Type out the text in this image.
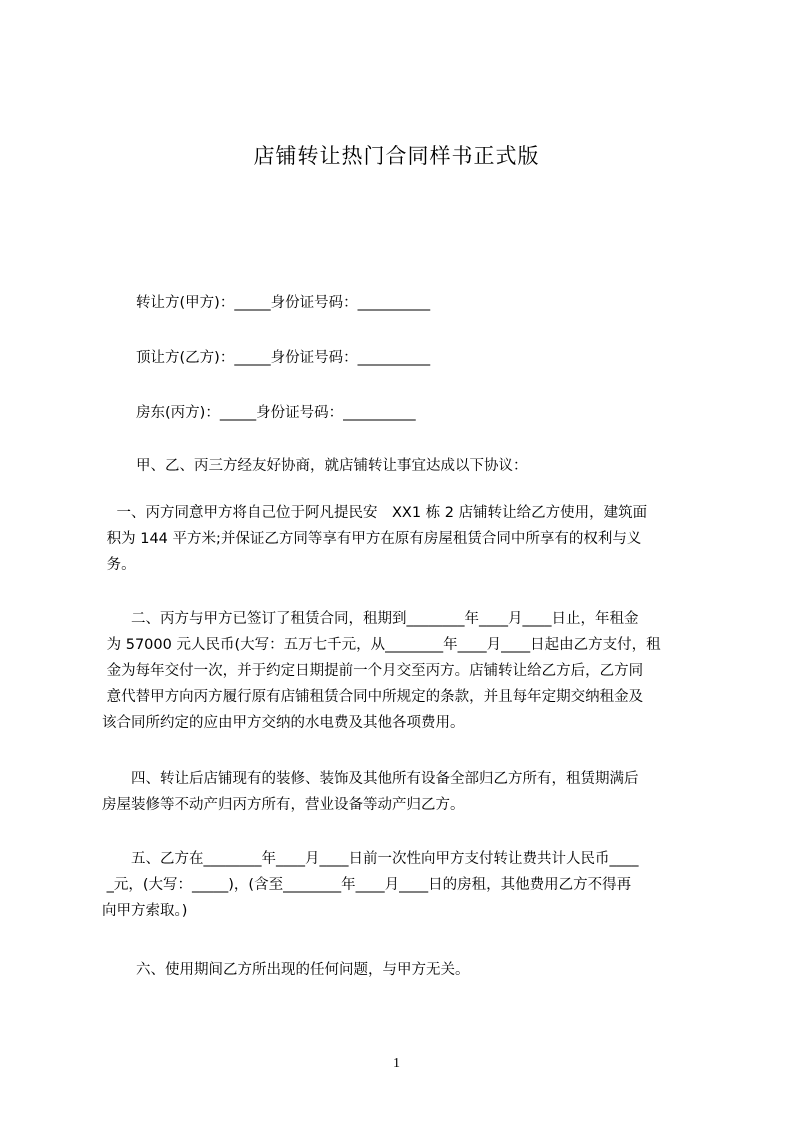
店铺转让热门合同样书正式版
转让方(甲方)：_____身份证号码：__________
顶让方(乙方)：_____身份证号码：__________
房东(丙方)：_____身份证号码：__________
甲、乙、丙三方经友好协商，就店铺转让事宜达成以下协议：
　一、丙方同意甲方将自己位于阿凡提民安　XX1 栋 2 店铺转让给乙方使用，建筑面
积为 144 平方米;并保证乙方同等享有甲方在原有房屋租赁合同中所享有的权利与义
务。
　　二、丙方与甲方已签订了租赁合同，租期到________年____月____日止，年租金
为 57000 元人民币(大写：五万七千元，从________年____月____日起由乙方支付，租
金为每年交付一次，并于约定日期提前一个月交至丙方。店铺转让给乙方后，乙方同
意代替甲方向丙方履行原有店铺租赁合同中所规定的条款，并且每年定期交纳租金及
该合同所约定的应由甲方交纳的水电费及其他各项费用。
　　四、转让后店铺现有的装修、装饰及其他所有设备全部归乙方所有，租赁期满后
房屋装修等不动产归丙方所有，营业设备等动产归乙方。
　　五、乙方在________年____月____日前一次性向甲方支付转让费共计人民币____
_元，(大写：_____)，(含至________年____月____日的房租，其他费用乙方不得再
向甲方索取。)
六、使用期间乙方所出现的任何问题，与甲方无关。
1
